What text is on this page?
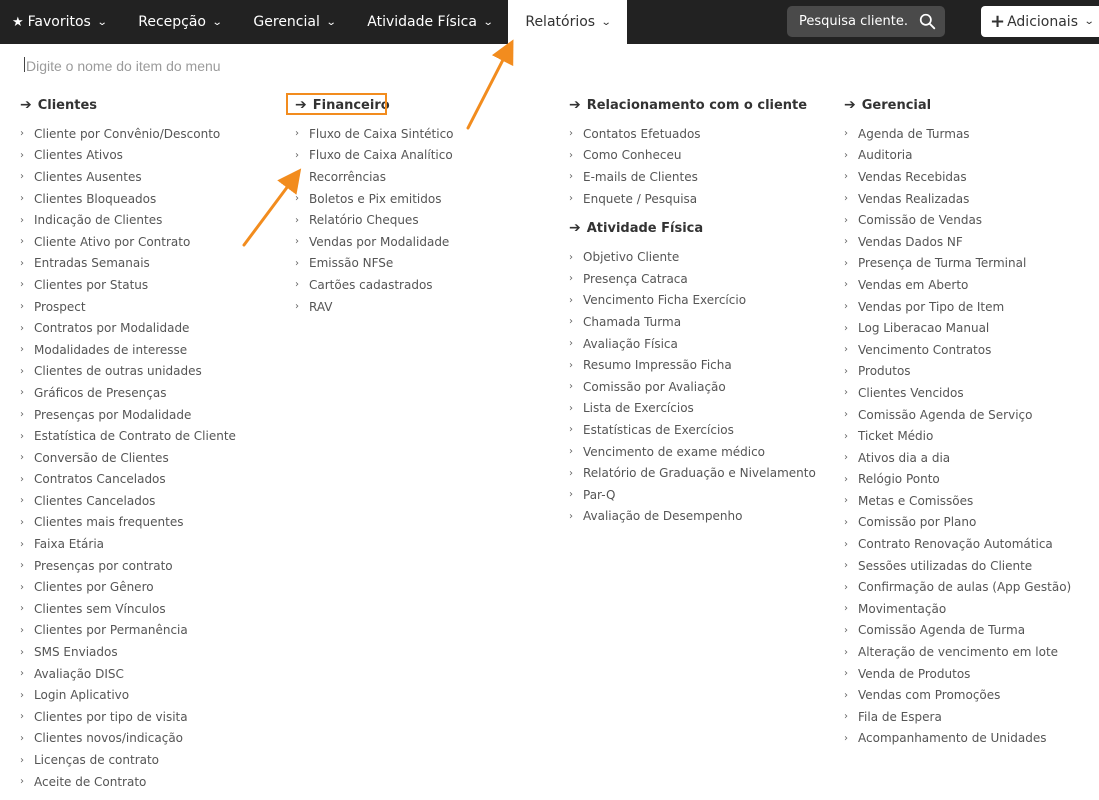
★ Favoritos ⌄ Recepção ⌄ Gerencial ⌄ Atividade Física ⌄ Relatórios ⌄
Pesquisa cliente...	+ Adicionais ⌄
Digite o nome do item do menu
➔ Clientes
› Cliente por Convênio/Desconto
› Clientes Ativos
› Clientes Ausentes
› Clientes Bloqueados
› Indicação de Clientes
› Cliente Ativo por Contrato
› Entradas Semanais
› Clientes por Status
› Prospect
› Contratos por Modalidade
› Modalidades de interesse
› Clientes de outras unidades
› Gráficos de Presenças
› Presenças por Modalidade
› Estatística de Contrato de Cliente
› Conversão de Clientes
› Contratos Cancelados
› Clientes Cancelados
› Clientes mais frequentes
› Faixa Etária
› Presenças por contrato
› Clientes por Gênero
› Clientes sem Vínculos
› Clientes por Permanência
› SMS Enviados
› Avaliação DISC
› Login Aplicativo
› Clientes por tipo de visita
› Clientes novos/indicação
› Licenças de contrato
› Aceite de Contrato
➔ Financeiro
› Fluxo de Caixa Sintético
› Fluxo de Caixa Analítico
› Recorrências
› Boletos e Pix emitidos
› Relatório Cheques
› Vendas por Modalidade
› Emissão NFSe
› Cartões cadastrados
› RAV
➔ Relacionamento com o cliente
› Contatos Efetuados
› Como Conheceu
› E-mails de Clientes
› Enquete / Pesquisa
➔ Atividade Física
› Objetivo Cliente
› Presença Catraca
› Vencimento Ficha Exercício
› Chamada Turma
› Avaliação Física
› Resumo Impressão Ficha
› Comissão por Avaliação
› Lista de Exercícios
› Estatísticas de Exercícios
› Vencimento de exame médico
› Relatório de Graduação e Nivelamento
› Par-Q
› Avaliação de Desempenho
➔ Gerencial
› Agenda de Turmas
› Auditoria
› Vendas Recebidas
› Vendas Realizadas
› Comissão de Vendas
› Vendas Dados NF
› Presença de Turma Terminal
› Vendas em Aberto
› Vendas por Tipo de Item
› Log Liberacao Manual
› Vencimento Contratos
› Produtos
› Clientes Vencidos
› Comissão Agenda de Serviço
› Ticket Médio
› Ativos dia a dia
› Relógio Ponto
› Metas e Comissões
› Comissão por Plano
› Contrato Renovação Automática
› Sessões utilizadas do Cliente
› Confirmação de aulas (App Gestão)
› Movimentação
› Comissão Agenda de Turma
› Alteração de vencimento em lote
› Venda de Produtos
› Vendas com Promoções
› Fila de Espera
› Acompanhamento de Unidades
